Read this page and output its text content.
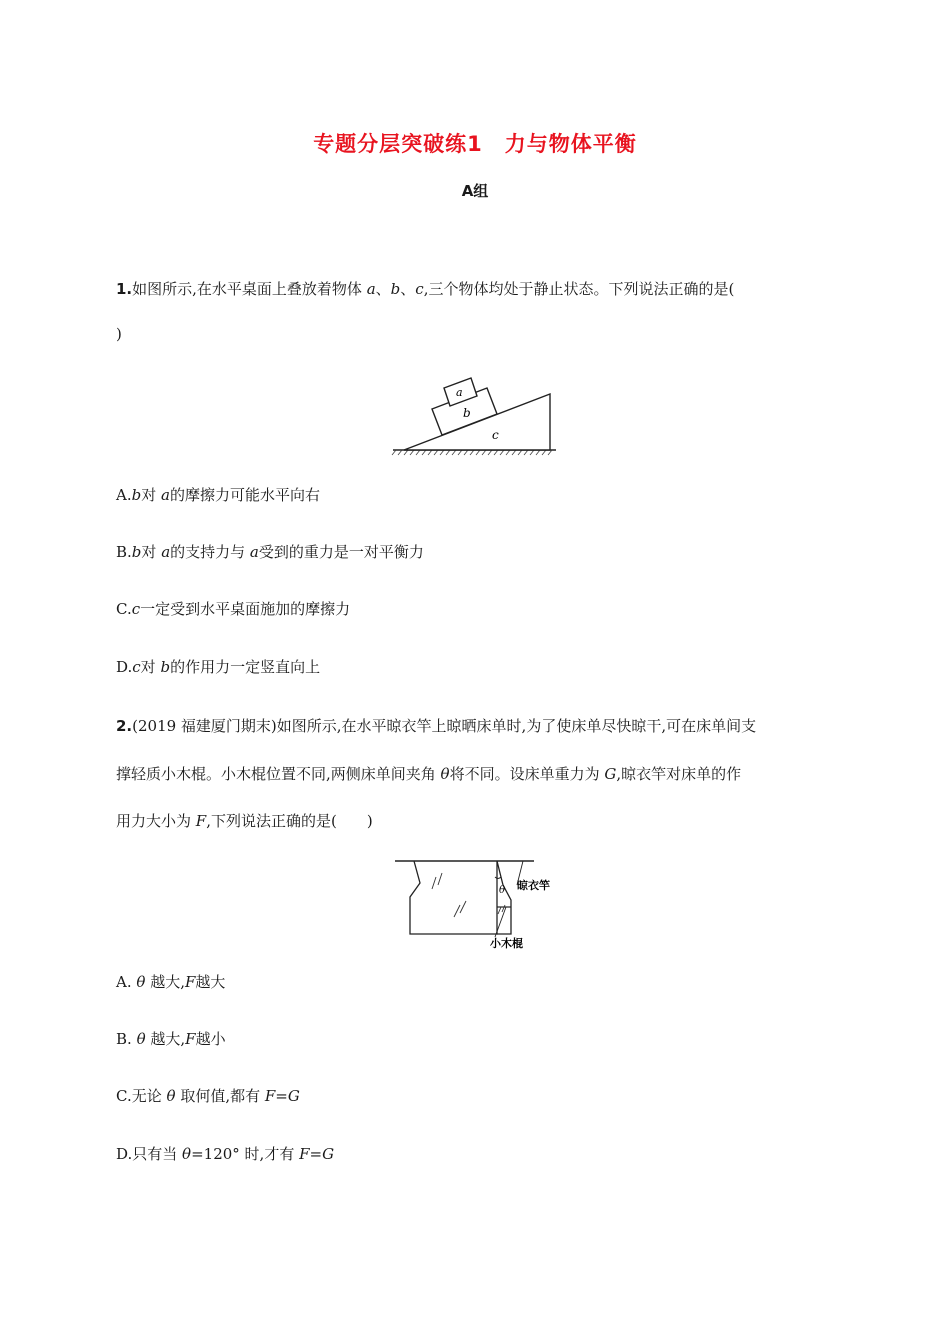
专题分层突破练1　力与物体平衡
A组
1.如图所示,在水平桌面上叠放着物体 a、b、c,三个物体均处于静止状态。下列说法正确的是(
)
a
b
c
A.b对 a的摩擦力可能水平向右
B.b对 a的支持力与 a受到的重力是一对平衡力
C.c一定受到水平桌面施加的摩擦力
D.c对 b的作用力一定竖直向上
2.(2019 福建厦门期末)如图所示,在水平晾衣竿上晾晒床单时,为了使床单尽快晾干,可在床单间支
撑轻质小木棍。小木棍位置不同,两侧床单间夹角 θ将不同。设床单重力为 G,晾衣竿对床单的作
用力大小为 F,下列说法正确的是(　　)
θ 晾衣竿
小木棍
A. θ 越大,F越大
B. θ 越大,F越小
C.无论 θ 取何值,都有 F=G
D.只有当 θ=120° 时,才有 F=G
